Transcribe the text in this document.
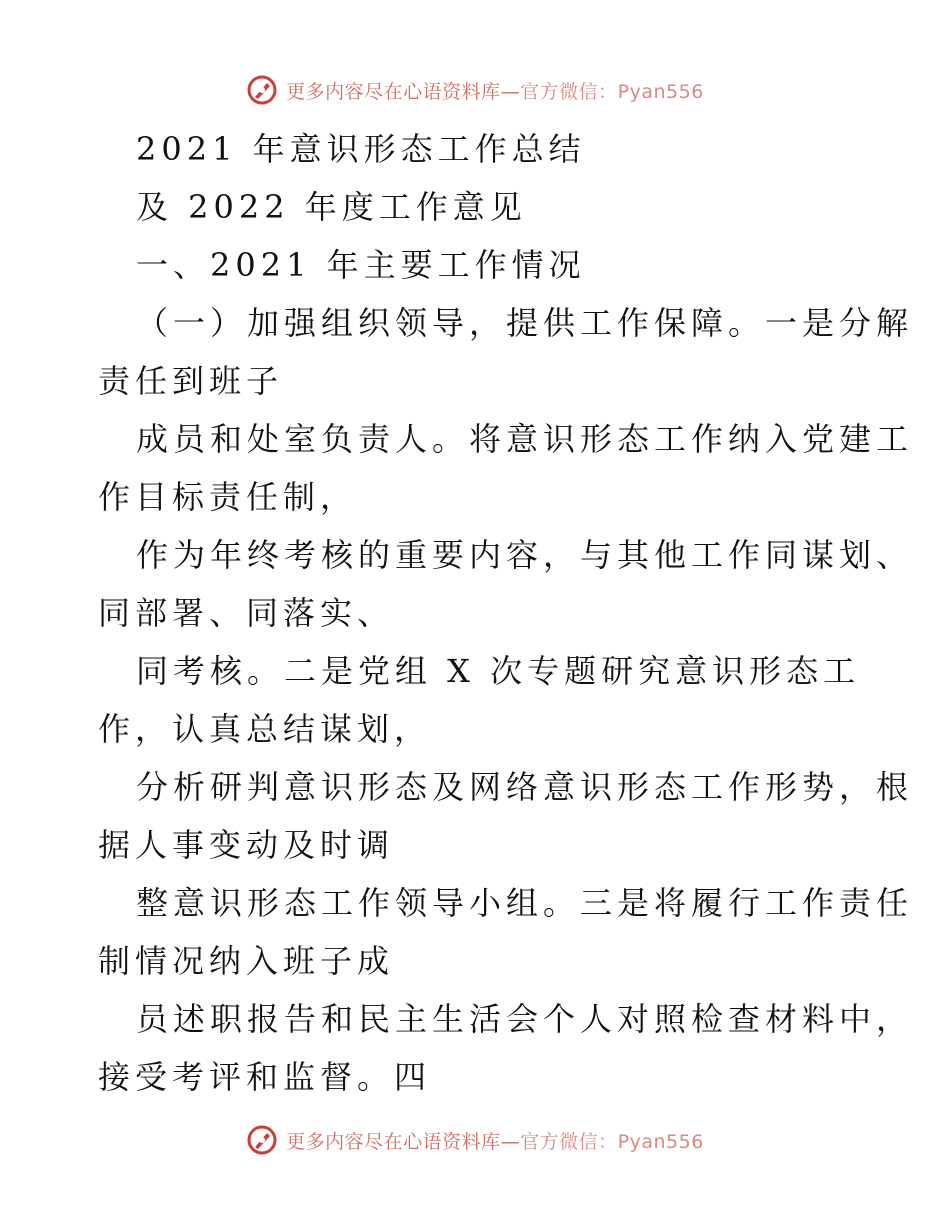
更多内容尽在心语资料库—官方微信：Pyan556
2021 年意识形态工作总结
及 2022 年度工作意见
一、2021 年主要工作情况
（一）加强组织领导，提供工作保障。一是分解
责任到班子
成员和处室负责人。将意识形态工作纳入党建工
作目标责任制，
作为年终考核的重要内容，与其他工作同谋划、
同部署、同落实、
同考核。二是党组 X 次专题研究意识形态工
作，认真总结谋划，
分析研判意识形态及网络意识形态工作形势，根
据人事变动及时调
整意识形态工作领导小组。三是将履行工作责任
制情况纳入班子成
员述职报告和民主生活会个人对照检查材料中，
接受考评和监督。四
更多内容尽在心语资料库—官方微信：Pyan556
